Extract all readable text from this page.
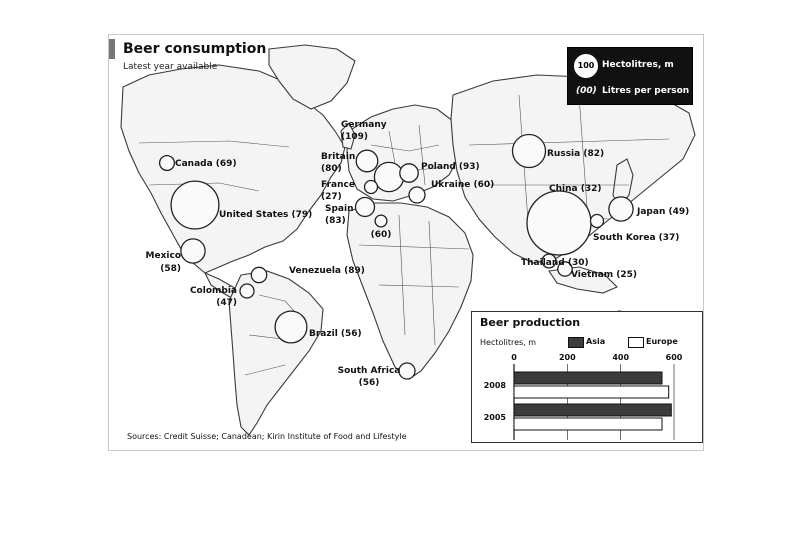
Canada (69)
United States (79)
Mexico
(58)	Venezuela (89)
Colombia
(47)
Brazil (56)
South Africa
(56)
Germany
(109)
Britain
(80)
France
(27)
Spain
(83)
Poland (93)
Ukraine (60)
Russia (82)
China (32)
Japan (49)
South Korea (37)
Thailand (30)
Vietnam (25)
(60)
Beer consumption
Latest year available	100 Hectolitres, m
(00) Litres per person
Sources: Credit Suisse; Canadean; Kirin Institute of Food and Lifestyle
Beer production
Hectolitres, m	Asia	Europe
0	200	400	600
2008
2005
